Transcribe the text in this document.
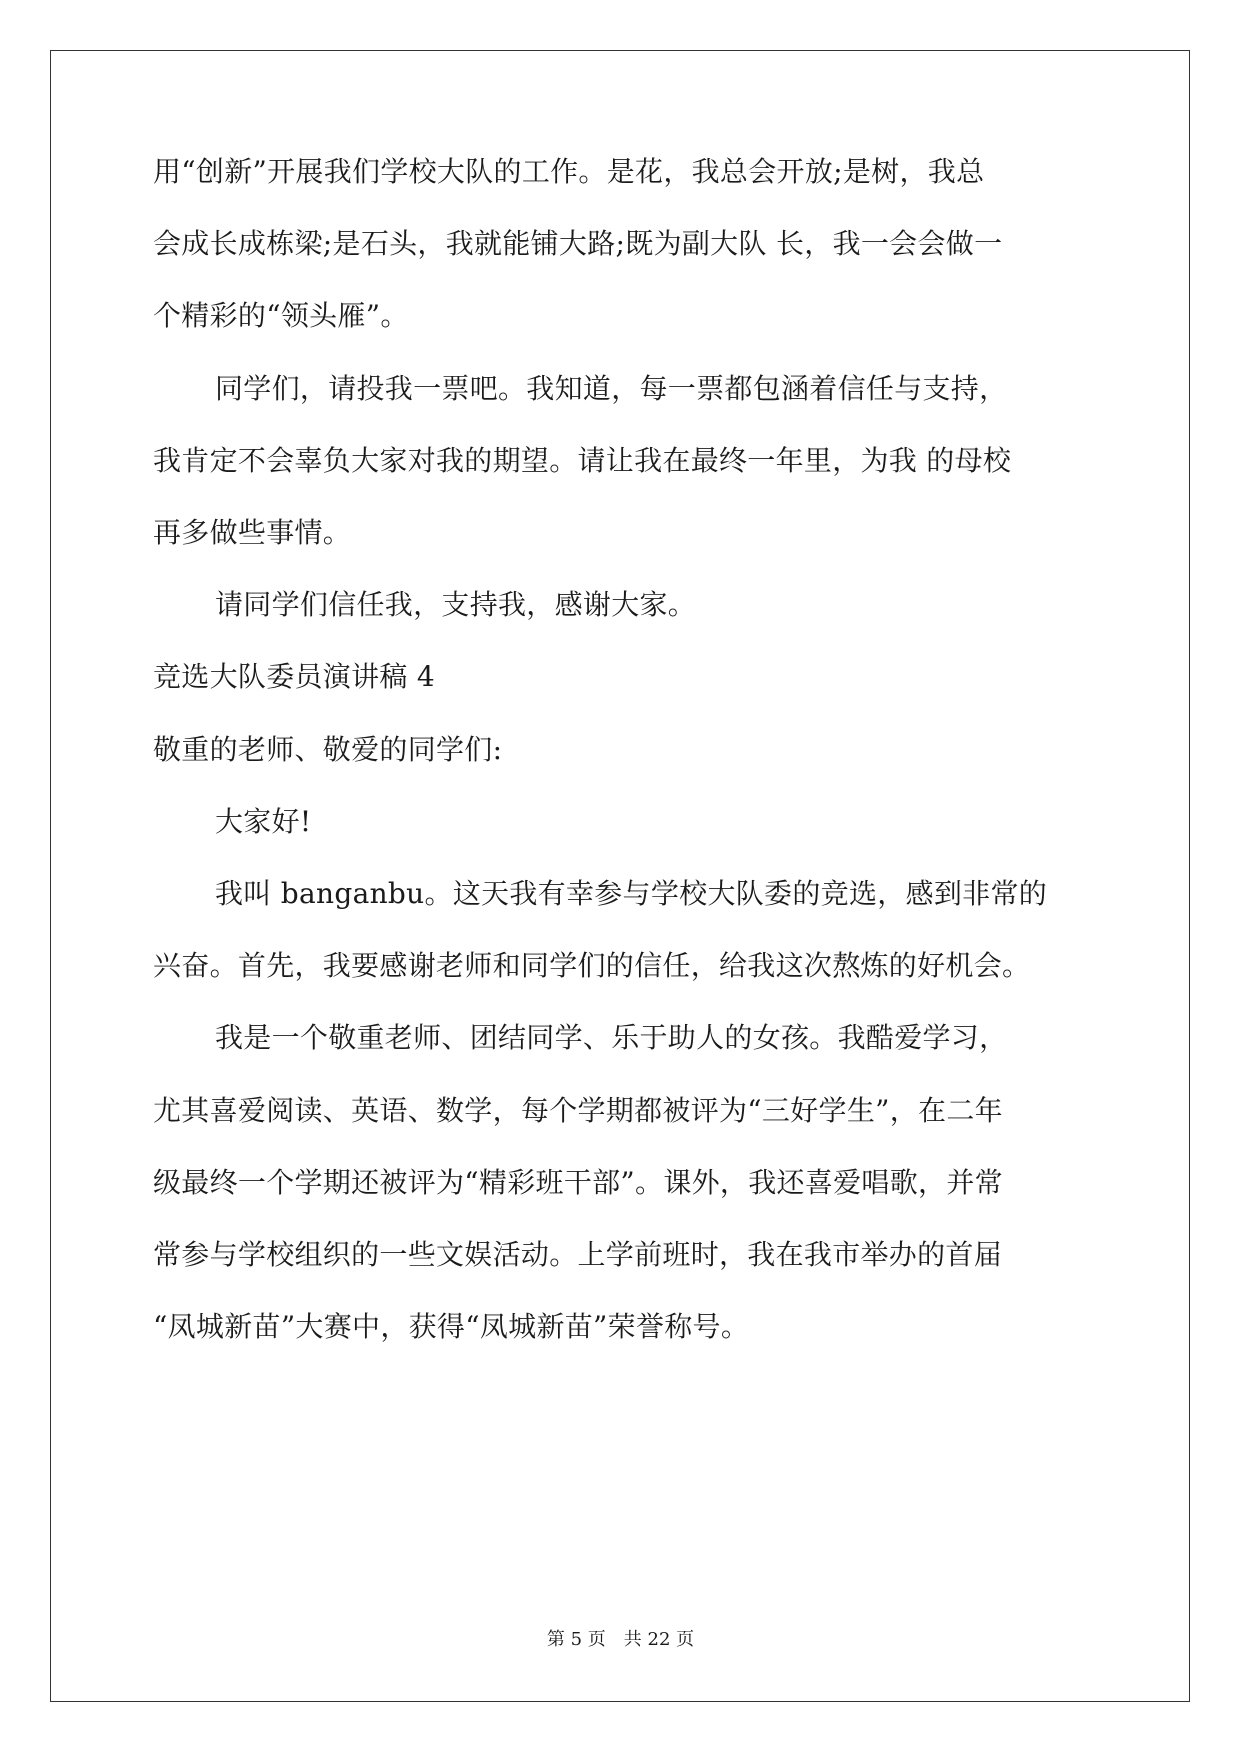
用“创新”开展我们学校大队的工作。是花，我总会开放;是树，我总
会成长成栋梁;是石头，我就能铺大路;既为副大队 长，我一会会做一
个精彩的“领头雁”。
同学们，请投我一票吧。我知道，每一票都包涵着信任与支持，
我肯定不会辜负大家对我的期望。请让我在最终一年里，为我 的母校
再多做些事情。
请同学们信任我，支持我，感谢大家。
竞选大队委员演讲稿 4
敬重的老师、敬爱的同学们:
大家好!
我叫 banganbu。这天我有幸参与学校大队委的竞选，感到非常的
兴奋。首先，我要感谢老师和同学们的信任，给我这次熬炼的好机会。
我是一个敬重老师、团结同学、乐于助人的女孩。我酷爱学习，
尤其喜爱阅读、英语、数学，每个学期都被评为“三好学生”，在二年
级最终一个学期还被评为“精彩班干部”。课外，我还喜爱唱歌，并常
常参与学校组织的一些文娱活动。上学前班时，我在我市举办的首届
“凤城新苗”大赛中，获得“凤城新苗”荣誉称号。
第 5 页　共 22 页
